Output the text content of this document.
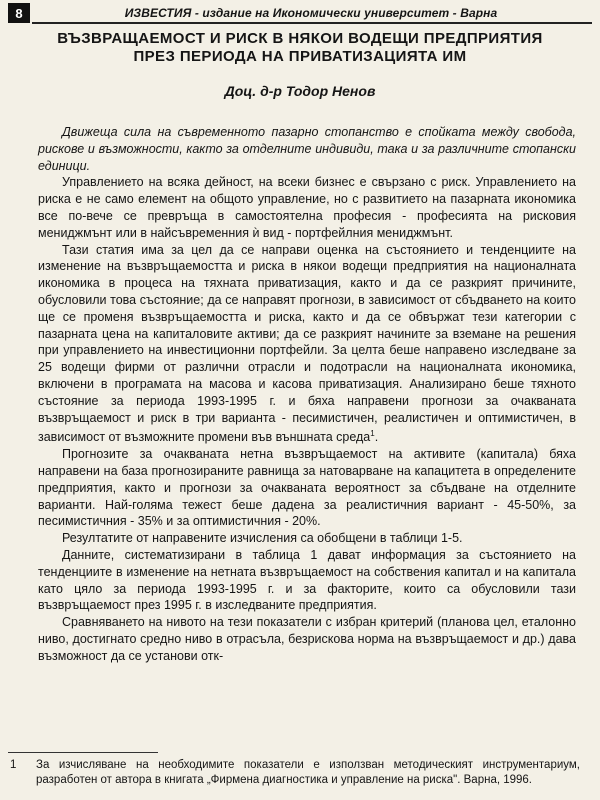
8	ИЗВЕСТИЯ - издание на Икономически университет - Варна
ВЪЗВРАЩАЕМОСТ И РИСК В НЯКОИ ВОДЕЩИ ПРЕДПРИЯТИЯ
ПРЕЗ ПЕРИОДА НА ПРИВАТИЗАЦИЯТА ИМ
Доц. д-р Тодор Ненов

Движеща сила на съвременното пазарно стопанство е спойката между свобода, рискове и възможности, както за отделните индивиди, така и за различните стопански единици.

Управлението на всяка дейност, на всеки бизнес е свързано с риск. Управлението на риска е не само елемент на общото управление, но с развитието на пазарната икономика все по-вече се превръща в самостоятелна професия - професията на рисковия мениджмънт или в найсъвременния ѝ вид - портфейлния мениджмънт.

Тази статия има за цел да се направи оценка на състоянието и тенденциите на изменение на възвръщаемостта и риска в някои водещи предприятия на националната иконoмика в процеса на тяхната приватизация, както и да се разкрият причините, обусловили това състояние; да се направят прогнози, в зависимост от сбъдването на които ще се променя възвръщаемостта и риска, както и да се обвържат тези категории с пазарната цена на капиталовите активи; да се разкрият начините за вземане на решения при управлението на инвестиционни портфейли. За целта беше направено изследване за 25 водещи фирми от различни отрасли и подотрасли на националната икономика, включени в програмата на масова и касова приватизация. Анализирано беше тяхното състояние за периода 1993-1995 г. и бяха направени прогнози за очакваната възвръщаемост и риск в три варианта - песимистичен, реалистичен и оптимистичен, в зависимост от възможните промени във външната среда$^1$.

Прогнозите за очакваната нетна възвръщаемост на активите (капитала) бяха направени на база прогнозираните равнища за натоварване на капацитета в определените предприятия, както и прогнози за очакваната вероятност за сбъдване на отделните варианти. Най-голяма тежест беше дадена за реалистичния вариант - 45-50%, за песимистичния - 35% и за оптимистичния - 20%.

Резултатите от направените изчисления са обобщени в таблици 1-5.

Данните, систематизирани в таблица 1 дават информация за състоянието на тенденциите в изменение на нетната възвръщаемост на собствения капитал и на капитала като цяло за периода 1993-1995 г. и за факторите, които са обусловили тази възвръщаемост през 1995 г. в изследваните предприятия.

Сравняването на нивото на тези показатели с избран критерий (планова цел, еталонно ниво, достигнато средно ниво в отрасъла, безрисковa норма на възвръщаемост и др.) дава възможност да се установи отк-

1	За изчисляване на необходимите показатели е използван методическият инструментариум, разработен от автора в книгата „Фирмена диагностика и управление на риска". Варна, 1996.
